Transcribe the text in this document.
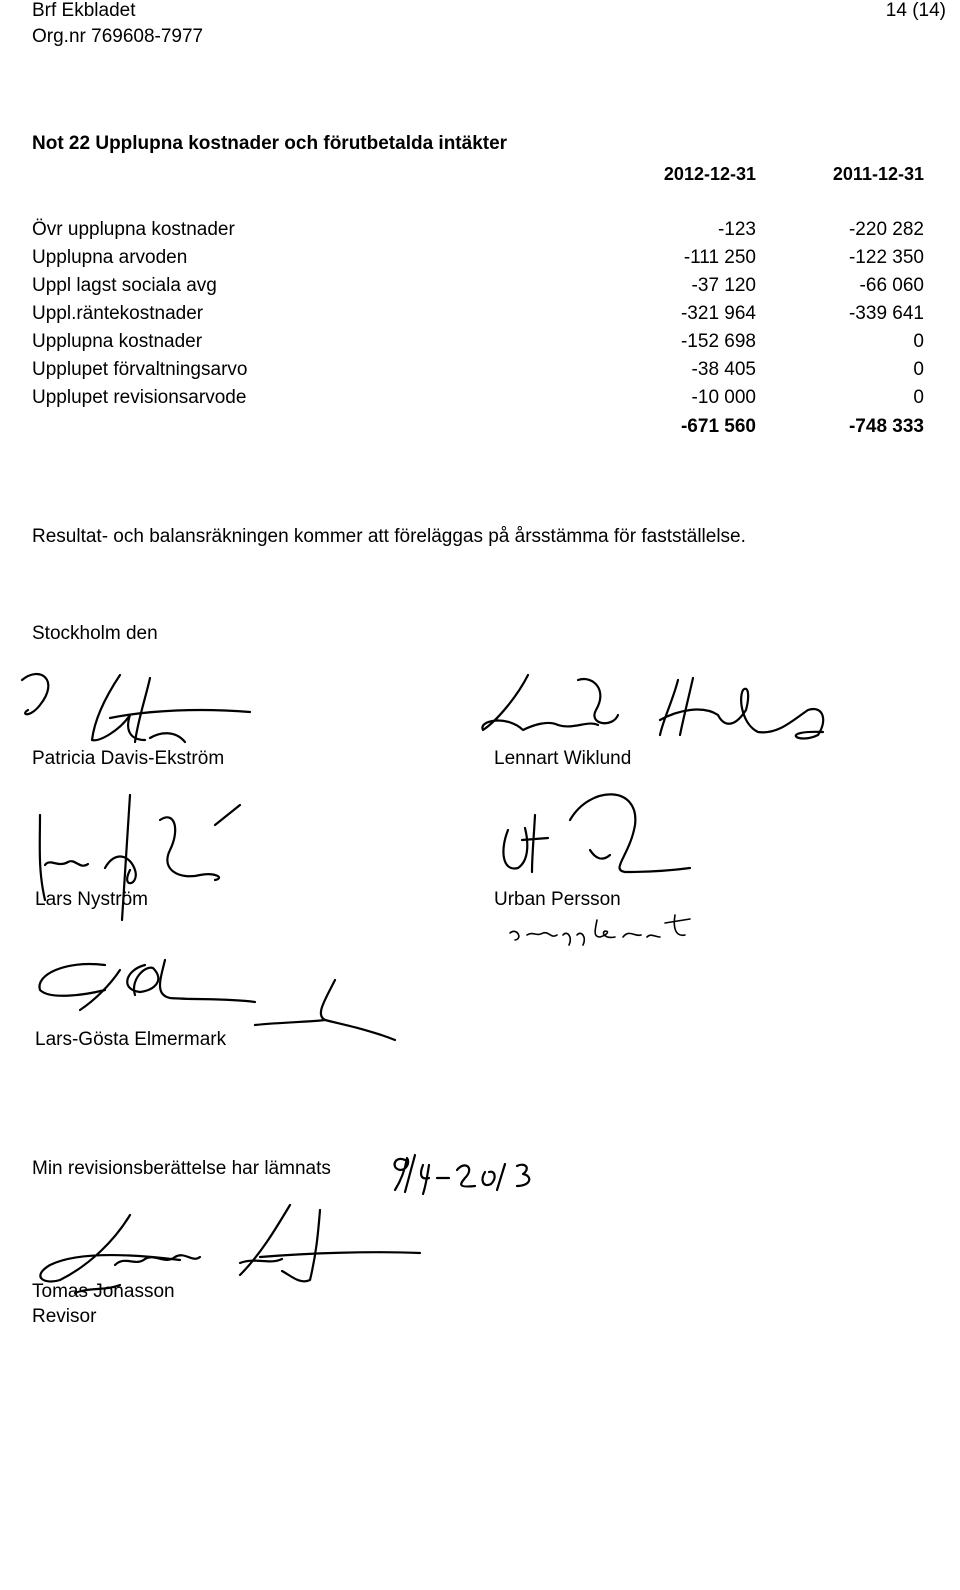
Brf Ekbladet
Org.nr 769608-7977
14 (14)
Not 22 Upplupna kostnader och förutbetalda intäkter
2012-12-31	2011-12-31
Övr upplupna kostnader	-123	-220 282
Upplupna arvoden	-111 250	-122 350
Uppl lagst sociala avg	-37 120	-66 060
Uppl.räntekostnader	-321 964	-339 641
Upplupna kostnader	-152 698	0
Upplupet förvaltningsarvo	-38 405	0
Upplupet revisionsarvode	-10 000	0
-671 560	-748 333
Resultat- och balansräkningen kommer att föreläggas på årsstämma för fastställelse.
Stockholm den
Patricia Davis-Ekström	Lennart Wiklund
Lars Nyström	Urban Persson
Lars-Gösta Elmermark
Min revisionsberättelse har lämnats
Tomas Jonasson
Revisor
